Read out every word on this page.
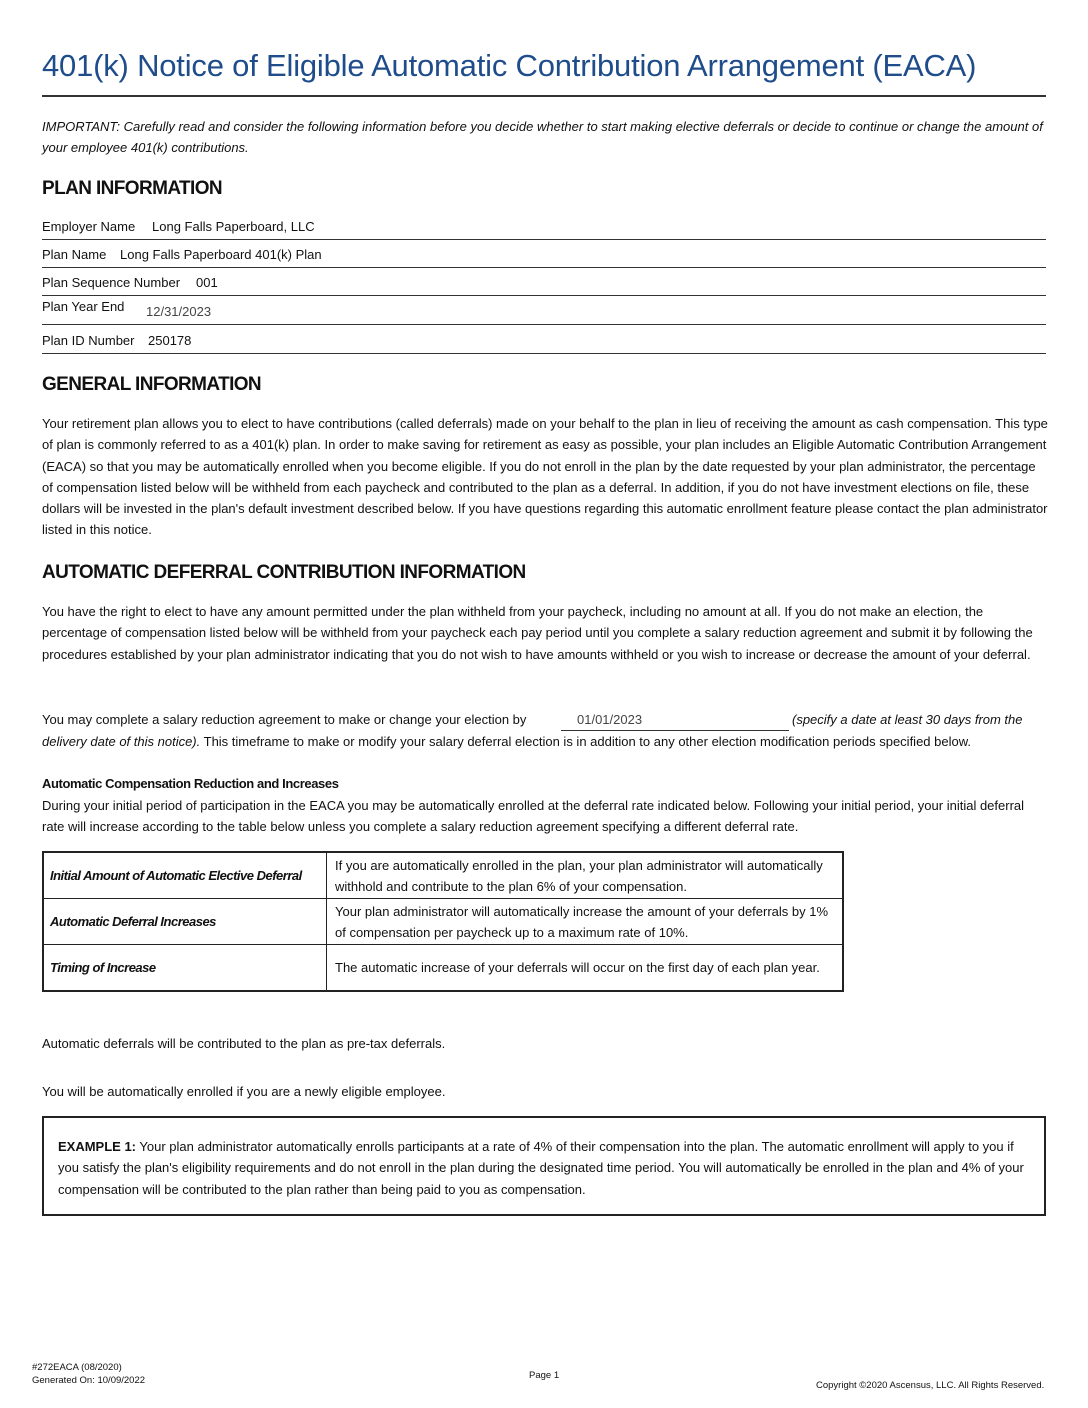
401(k) Notice of Eligible Automatic Contribution Arrangement (EACA)
IMPORTANT: Carefully read and consider the following information before you decide whether to start making elective deferrals or decide to continue or change the amount of your employee 401(k) contributions.
PLAN INFORMATION
Employer Name Long Falls Paperboard, LLC
Plan Name Long Falls Paperboard 401(k) Plan
Plan Sequence Number 001
Plan Year End 12/31/2023
Plan ID Number 250178
GENERAL INFORMATION
Your retirement plan allows you to elect to have contributions (called deferrals) made on your behalf to the plan in lieu of receiving the amount as cash compensation. This type of plan is commonly referred to as a 401(k) plan. In order to make saving for retirement as easy as possible, your plan includes an Eligible Automatic Contribution Arrangement (EACA) so that you may be automatically enrolled when you become eligible. If you do not enroll in the plan by the date requested by your plan administrator, the percentage of compensation listed below will be withheld from each paycheck and contributed to the plan as a deferral. In addition, if you do not have investment elections on file, these dollars will be invested in the plan's default investment described below. If you have questions regarding this automatic enrollment feature please contact the plan administrator listed in this notice.
AUTOMATIC DEFERRAL CONTRIBUTION INFORMATION
You have the right to elect to have any amount permitted under the plan withheld from your paycheck, including no amount at all. If you do not make an election, the percentage of compensation listed below will be withheld from your paycheck each pay period until you complete a salary reduction agreement and submit it by following the procedures established by your plan administrator indicating that you do not wish to have amounts withheld or you wish to increase or decrease the amount of your deferral.
You may complete a salary reduction agreement to make or change your election by	01/01/2023	(specify a date at least 30 days from the
delivery date of this notice). This timeframe to make or modify your salary deferral election is in addition to any other election modification periods specified below.
Automatic Compensation Reduction and Increases
During your initial period of participation in the EACA you may be automatically enrolled at the deferral rate indicated below. Following your initial period, your initial deferral rate will increase according to the table below unless you complete a salary reduction agreement specifying a different deferral rate.
Initial Amount of Automatic Elective Deferral	If you are automatically enrolled in the plan, your plan administrator will automatically withhold and contribute to the plan 6% of your compensation.
Automatic Deferral Increases	Your plan administrator will automatically increase the amount of your deferrals by 1% of compensation per paycheck up to a maximum rate of 10%.
Timing of Increase	The automatic increase of your deferrals will occur on the first day of each plan year.
Automatic deferrals will be contributed to the plan as pre-tax deferrals.
You will be automatically enrolled if you are a newly eligible employee.
EXAMPLE 1: Your plan administrator automatically enrolls participants at a rate of 4% of their compensation into the plan. The automatic enrollment will apply to you if you satisfy the plan's eligibility requirements and do not enroll in the plan during the designated time period. You will automatically be enrolled in the plan and 4% of your compensation will be contributed to the plan rather than being paid to you as compensation.
#272EACA (08/2020)
Generated On: 10/09/2022	Page 1
Copyright ©2020 Ascensus, LLC. All Rights Reserved.
